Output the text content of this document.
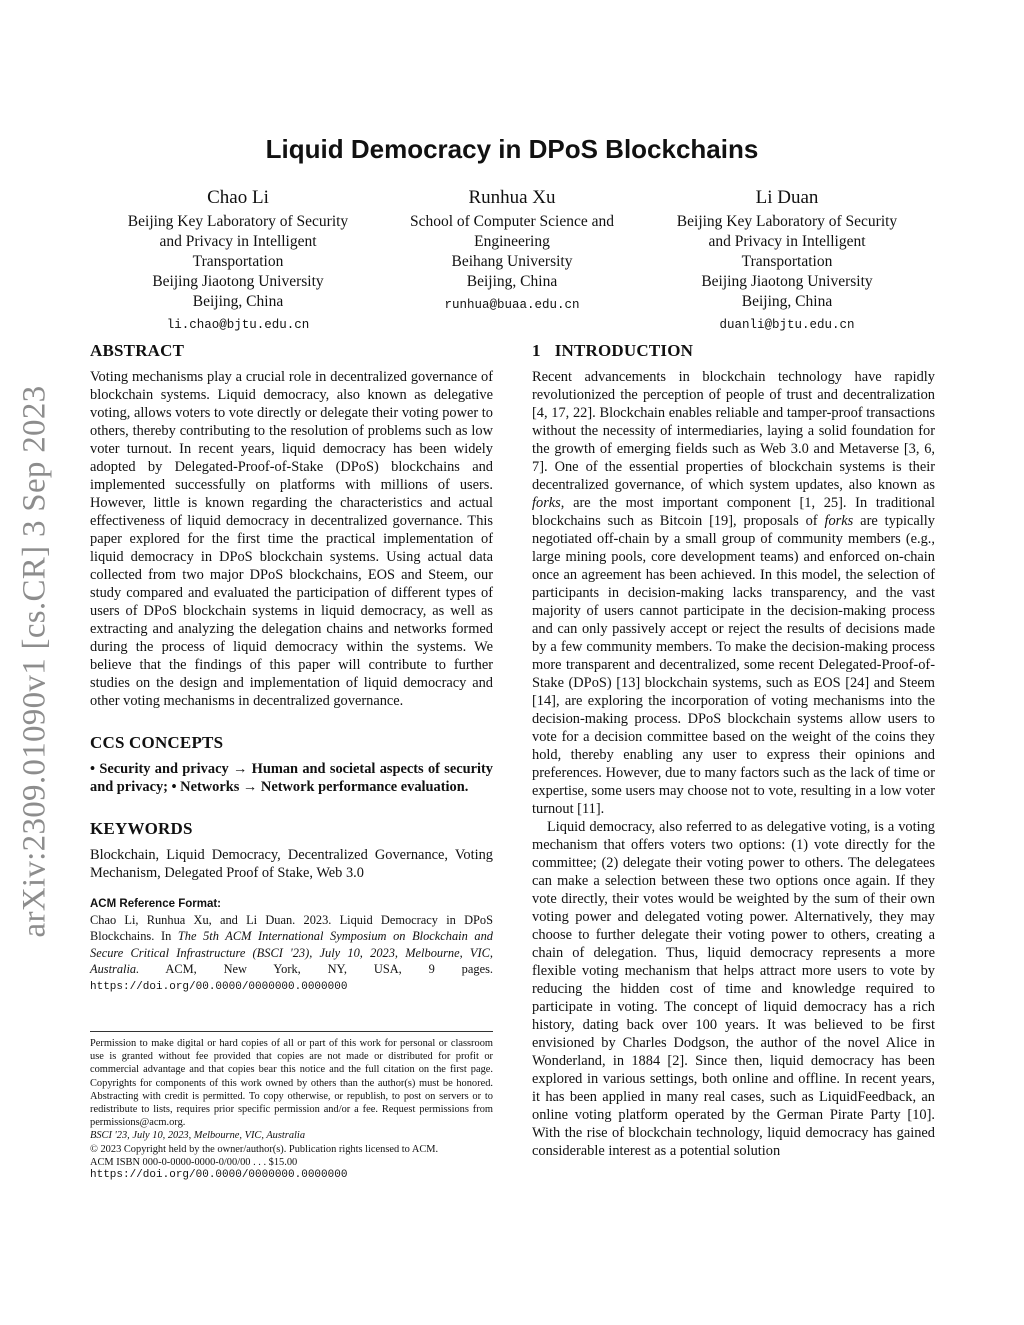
arXiv:2309.01090v1 [cs.CR] 3 Sep 2023
Liquid Democracy in DPoS Blockchains
Chao Li
Beijing Key Laboratory of Security
and Privacy in Intelligent
Transportation
Beijing Jiaotong University
Beijing, China
li.chao@bjtu.edu.cn
Runhua Xu
School of Computer Science and
Engineering
Beihang University
Beijing, China
runhua@buaa.edu.cn
Li Duan
Beijing Key Laboratory of Security
and Privacy in Intelligent
Transportation
Beijing Jiaotong University
Beijing, China
duanli@bjtu.edu.cn
ABSTRACT

Voting mechanisms play a crucial role in decentralized governance of blockchain systems. Liquid democracy, also known as delegative voting, allows voters to vote directly or delegate their voting power to others, thereby contributing to the resolution of problems such as low voter turnout. In recent years, liquid democracy has been widely adopted by Delegated-Proof-of-Stake (DPoS) blockchains and implemented successfully on platforms with millions of users. However, little is known regarding the characteristics and actual effectiveness of liquid democracy in decentralized governance. This paper explored for the first time the practical implementation of liquid democracy in DPoS blockchain systems. Using actual data collected from two major DPoS blockchains, EOS and Steem, our study compared and evaluated the participation of different types of users of DPoS blockchain systems in liquid democracy, as well as extracting and analyzing the delegation chains and networks formed during the process of liquid democracy within the systems. We believe that the findings of this paper will contribute to further studies on the design and implementation of liquid democracy and other voting mechanisms in decentralized governance.

CCS CONCEPTS

• Security and privacy → Human and societal aspects of security and privacy; • Networks → Network performance evaluation.

KEYWORDS

Blockchain, Liquid Democracy, Decentralized Governance, Voting Mechanism, Delegated Proof of Stake, Web 3.0

ACM Reference Format:

Chao Li, Runhua Xu, and Li Duan. 2023. Liquid Democracy in DPoS Blockchains. In The 5th ACM International Symposium on Blockchain and Secure Critical Infrastructure (BSCI '23), July 10, 2023, Melbourne, VIC, Australia. ACM, New York, NY, USA, 9 pages. https://doi.org/00.0000/0000000.0000000

Permission to make digital or hard copies of all or part of this work for personal or classroom use is granted without fee provided that copies are not made or distributed for profit or commercial advantage and that copies bear this notice and the full citation on the first page. Copyrights for components of this work owned by others than the author(s) must be honored. Abstracting with credit is permitted. To copy otherwise, or republish, to post on servers or to redistribute to lists, requires prior specific permission and/or a fee. Request permissions from permissions@acm.org.

BSCI '23, July 10, 2023, Melbourne, VIC, Australia

© 2023 Copyright held by the owner/author(s). Publication rights licensed to ACM.

ACM ISBN 000-0-0000-0000-0/00/00 . . . $15.00

https://doi.org/00.0000/0000000.0000000

1 INTRODUCTION

Recent advancements in blockchain technology have rapidly revolutionized the perception of people of trust and decentralization [4, 17, 22]. Blockchain enables reliable and tamper-proof transactions without the necessity of intermediaries, laying a solid foundation for the growth of emerging fields such as Web 3.0 and Metaverse [3, 6, 7]. One of the essential properties of blockchain systems is their decentralized governance, of which system updates, also known as forks, are the most important component [1, 25]. In traditional blockchains such as Bitcoin [19], proposals of forks are typically negotiated off-chain by a small group of community members (e.g., large mining pools, core development teams) and enforced on-chain once an agreement has been achieved. In this model, the selection of participants in decision-making lacks transparency, and the vast majority of users cannot participate in the decision-making process and can only passively accept or reject the results of decisions made by a few community members. To make the decision-making process more transparent and decentralized, some recent Delegated-Proof-of-Stake (DPoS) [13] blockchain systems, such as EOS [24] and Steem [14], are exploring the incorporation of voting mechanisms into the decision-making process. DPoS blockchain systems allow users to vote for a decision committee based on the weight of the coins they hold, thereby enabling any user to express their opinions and preferences. However, due to many factors such as the lack of time or expertise, some users may choose not to vote, resulting in a low voter turnout [11].

Liquid democracy, also referred to as delegative voting, is a voting mechanism that offers voters two options: (1) vote directly for the committee; (2) delegate their voting power to others. The delegatees can make a selection between these two options once again. If they vote directly, their votes would be weighted by the sum of their own voting power and delegated voting power. Alternatively, they may choose to further delegate their voting power to others, creating a chain of delegation. Thus, liquid democracy represents a more flexible voting mechanism that helps attract more users to vote by reducing the hidden cost of time and knowledge required to participate in voting. The concept of liquid democracy has a rich history, dating back over 100 years. It was believed to be first envisioned by Charles Dodgson, the author of the novel Alice in Wonderland, in 1884 [2]. Since then, liquid democracy has been explored in various settings, both online and offline. In recent years, it has been applied in many real cases, such as LiquidFeedback, an online voting platform operated by the German Pirate Party [10]. With the rise of blockchain technology, liquid democracy has gained considerable interest as a potential solution
